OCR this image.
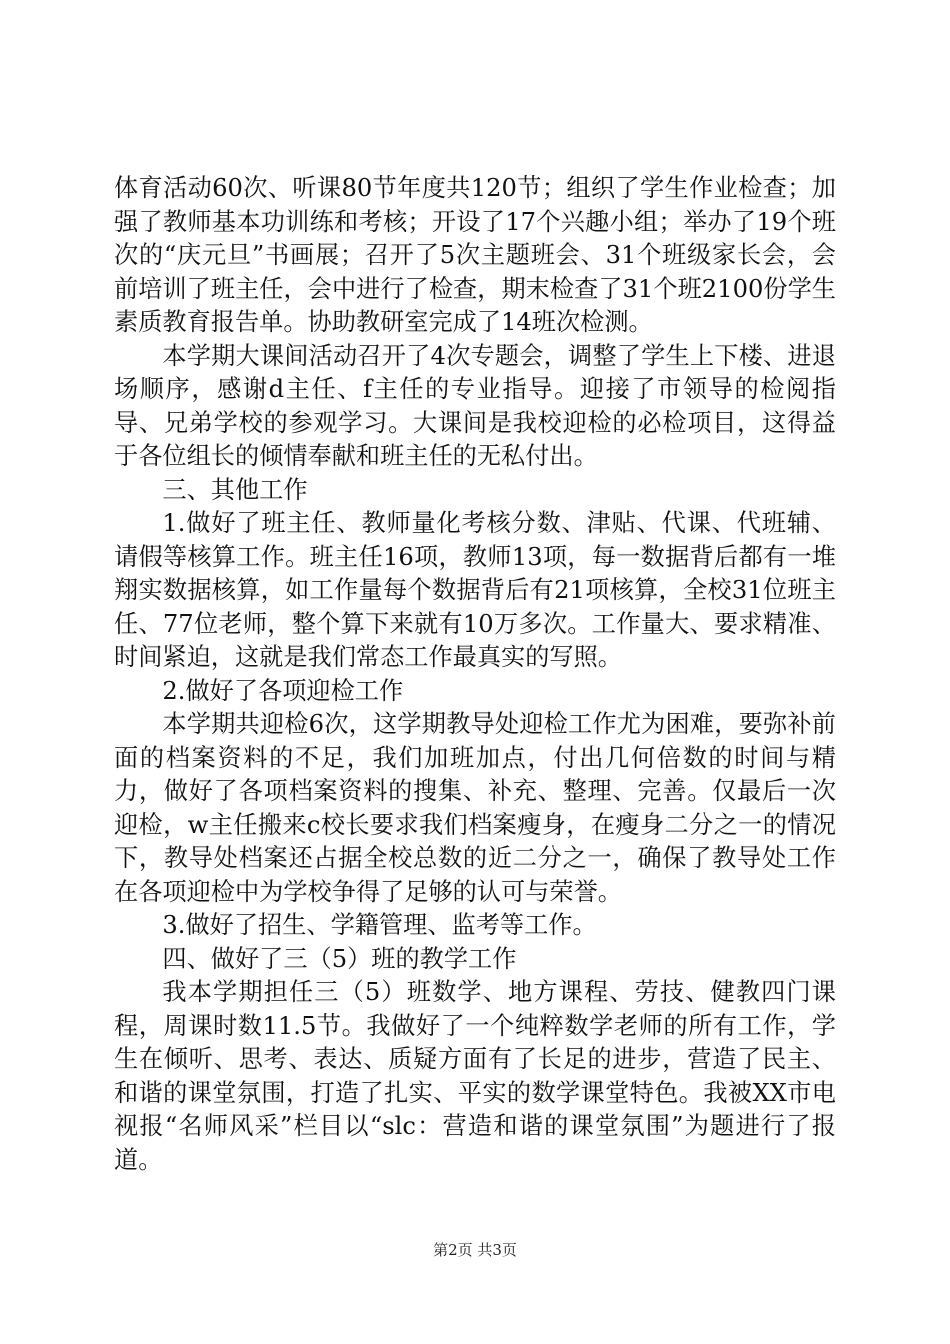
体育活动60次、听课80节年度共120节；组织了学生作业检查；加强了教师基本功训练和考核；开设了17个兴趣小组；举办了19个班次的“庆元旦”书画展；召开了5次主题班会、31个班级家长会，会前培训了班主任，会中进行了检查，期末检查了31个班2100份学生素质教育报告单。协助教研室完成了14班次检测。

本学期大课间活动召开了4次专题会，调整了学生上下楼、进退场顺序，感谢d主任、f主任的专业指导。迎接了市领导的检阅指导、兄弟学校的参观学习。大课间是我校迎检的必检项目，这得益于各位组长的倾情奉献和班主任的无私付出。

三、其他工作

1.做好了班主任、教师量化考核分数、津贴、代课、代班辅、请假等核算工作。班主任16项，教师13项，每一数据背后都有一堆翔实数据核算，如工作量每个数据背后有21项核算，全校31位班主任、77位老师，整个算下来就有10万多次。工作量大、要求精准、时间紧迫，这就是我们常态工作最真实的写照。

2.做好了各项迎检工作

本学期共迎检6次，这学期教导处迎检工作尤为困难，要弥补前面的档案资料的不足，我们加班加点，付出几何倍数的时间与精力，做好了各项档案资料的搜集、补充、整理、完善。仅最后一次迎检，w主任搬来c校长要求我们档案瘦身，在瘦身二分之一的情况下，教导处档案还占据全校总数的近二分之一，确保了教导处工作在各项迎检中为学校争得了足够的认可与荣誉。

3.做好了招生、学籍管理、监考等工作。

四、做好了三（5）班的教学工作

我本学期担任三（5）班数学、地方课程、劳技、健教四门课程，周课时数11.5节。我做好了一个纯粹数学老师的所有工作，学生在倾听、思考、表达、质疑方面有了长足的进步，营造了民主、和谐的课堂氛围，打造了扎实、平实的数学课堂特色。我被XX市电视报“名师风采”栏目以“slc：营造和谐的课堂氛围”为题进行了报道。

第2页 共3页
